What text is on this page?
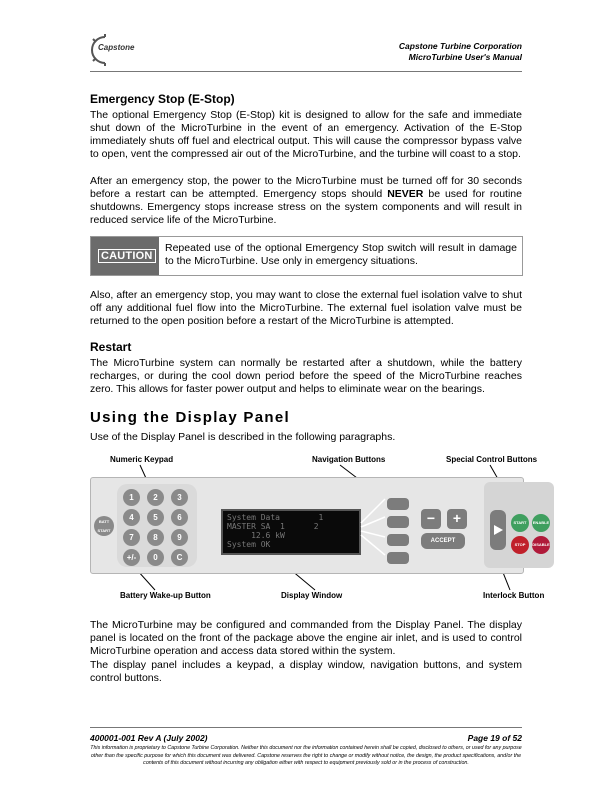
Capstone	Capstone Turbine Corporation
MicroTurbine User's Manual
Emergency Stop (E-Stop)

The optional Emergency Stop (E-Stop) kit is designed to allow for the safe and immediate shut down of the MicroTurbine in the event of an emergency. Activation of the E-Stop immediately shuts off fuel and electrical output. This will cause the compressor bypass valve to open, vent the compressed air out of the MicroTurbine, and the turbine will coast to a stop.

After an emergency stop, the power to the MicroTurbine must be turned off for 30 seconds before a restart can be attempted. Emergency stops should NEVER be used for routine shutdowns. Emergency stops increase stress on the system components and will result in reduced service life of the MicroTurbine.

CAUTION
Repeated use of the optional Emergency Stop switch will result in damage to the MicroTurbine. Use only in emergency situations.

Also, after an emergency stop, you may want to close the external fuel isolation valve to shut off any additional fuel flow into the MicroTurbine. The external fuel isolation valve must be returned to the open position before a restart of the MicroTurbine is attempted.

Restart

The MicroTurbine system can normally be restarted after a shutdown, while the battery recharges, or during the cool down period before the speed of the MicroTurbine reaches zero. This allows for faster power output and helps to eliminate wear on the bearings.

Using the Display Panel

Use of the Display Panel is described in the following paragraphs.

Numeric Keypad	Navigation Buttons	Special Control Buttons
BATT START
1	2	3
4	5	6
7	8	9
+/-	0	C
System Data        1
MASTER SA  1      2
12.6 kW
System OK
−	+
ACCEPT
START	ENABLE
STOP	DISABLE
Battery Wake-up Button	Display Window	Interlock Button

The MicroTurbine may be configured and commanded from the Display Panel. The display panel is located on the front of the package above the engine air inlet, and is used to control MicroTurbine operation and access data stored within the system.

The display panel includes a keypad, a display window, navigation buttons, and system control buttons.

400001-001 Rev A (July 2002)	Page 19 of 52
This information is proprietary to Capstone Turbine Corporation. Neither this document nor the information contained herein shall be copied, disclosed to others, or used for any purpose other than the specific purpose for which this document was delivered. Capstone reserves the right to change or modify without notice, the design, the product specifications, and/or the contents of this document without incurring any obligation either with respect to equipment previously sold or in the process of construction.
